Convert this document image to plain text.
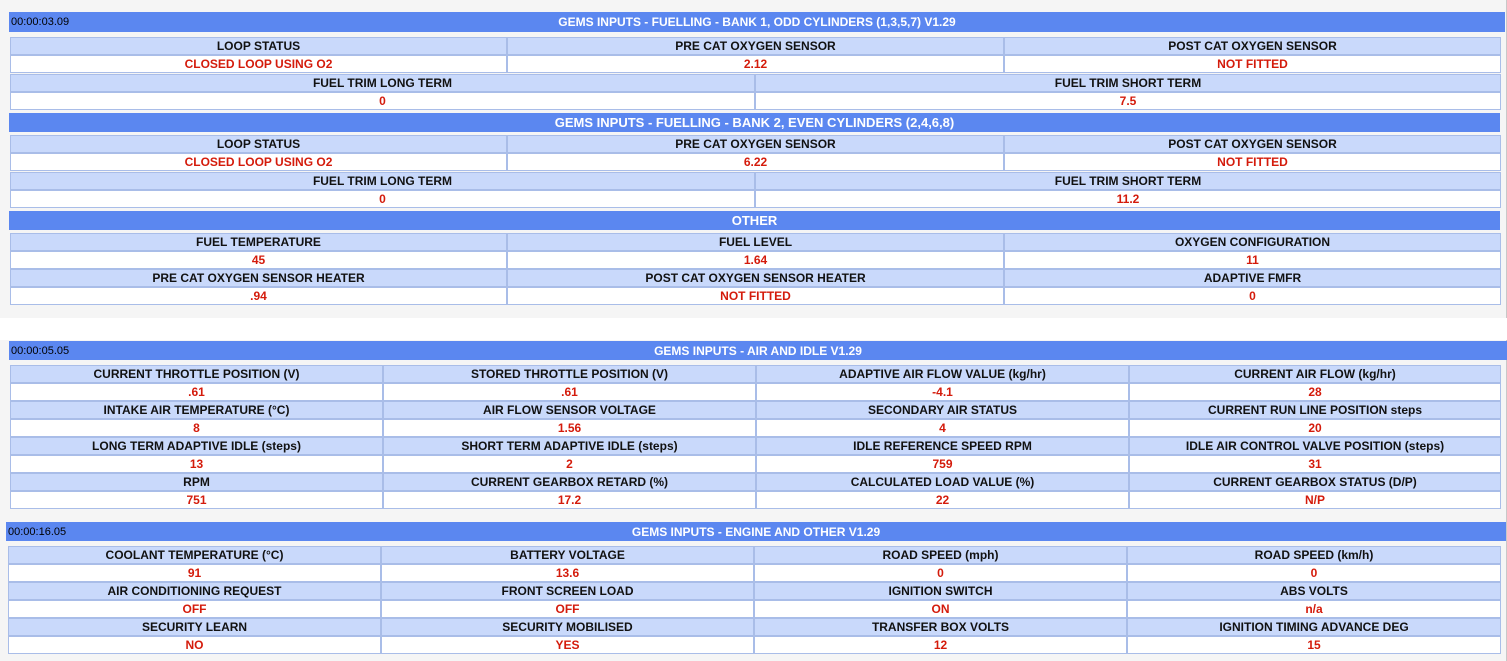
00:00:03.09	GEMS INPUTS - FUELLING - BANK 1, ODD CYLINDERS (1,3,5,7) V1.29
LOOP STATUS	PRE CAT OXYGEN SENSOR	POST CAT OXYGEN SENSOR
CLOSED LOOP USING O2	2.12	NOT FITTED
FUEL TRIM LONG TERM	FUEL TRIM SHORT TERM
0	7.5
GEMS INPUTS - FUELLING - BANK 2, EVEN CYLINDERS (2,4,6,8)
LOOP STATUS	PRE CAT OXYGEN SENSOR	POST CAT OXYGEN SENSOR
CLOSED LOOP USING O2	6.22	NOT FITTED
FUEL TRIM LONG TERM	FUEL TRIM SHORT TERM
0	11.2
OTHER
FUEL TEMPERATURE	FUEL LEVEL	OXYGEN CONFIGURATION
45	1.64	11
PRE CAT OXYGEN SENSOR HEATER	POST CAT OXYGEN SENSOR HEATER	ADAPTIVE FMFR
.94	NOT FITTED	0
00:00:05.05	GEMS INPUTS - AIR AND IDLE V1.29
CURRENT THROTTLE POSITION (V)	STORED THROTTLE POSITION (V)	ADAPTIVE AIR FLOW VALUE (kg/hr)	CURRENT AIR FLOW (kg/hr)
.61	.61	-4.1	28
INTAKE AIR TEMPERATURE (°C)	AIR FLOW SENSOR VOLTAGE	SECONDARY AIR STATUS	CURRENT RUN LINE POSITION steps
8	1.56	4	20
LONG TERM ADAPTIVE IDLE (steps)	SHORT TERM ADAPTIVE IDLE (steps)	IDLE REFERENCE SPEED RPM	IDLE AIR CONTROL VALVE POSITION (steps)
13	2	759	31
RPM	CURRENT GEARBOX RETARD (%)	CALCULATED LOAD VALUE (%)	CURRENT GEARBOX STATUS (D/P)
751	17.2	22	N/P
00:00:16.05	GEMS INPUTS - ENGINE AND OTHER V1.29
COOLANT TEMPERATURE (°C)	BATTERY VOLTAGE	ROAD SPEED (mph)	ROAD SPEED (km/h)
91	13.6	0	0
AIR CONDITIONING REQUEST	FRONT SCREEN LOAD	IGNITION SWITCH	ABS VOLTS
OFF	OFF	ON	n/a
SECURITY LEARN	SECURITY MOBILISED	TRANSFER BOX VOLTS	IGNITION TIMING ADVANCE DEG
NO	YES	12	15
